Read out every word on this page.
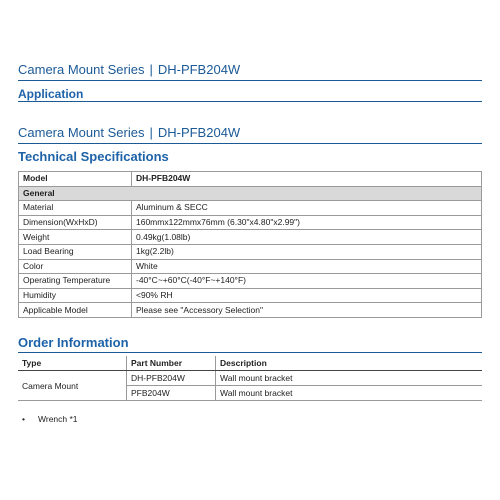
Camera Mount Series | DH-PFB204W
Application
Camera Mount Series | DH-PFB204W
Technical Specifications
Model	DH-PFB204W
General	
Material	Aluminum & SECC
Dimension(WxHxD)	160mmx122mmx76mm (6.30"x4.80"x2.99")
Weight	0.49kg(1.08lb)
Load Bearing	1kg(2.2lb)
Color	White
Operating Temperature	-40°C~+60°C(-40°F~+140°F)
Humidity	<90% RH
Applicable Model	Please see "Accessory Selection"
Order Information
Type	Part Number	Description
Camera Mount	DH-PFB204W	Wall mount bracket
	PFB204W	Wall mount bracket
• Wrench *1
